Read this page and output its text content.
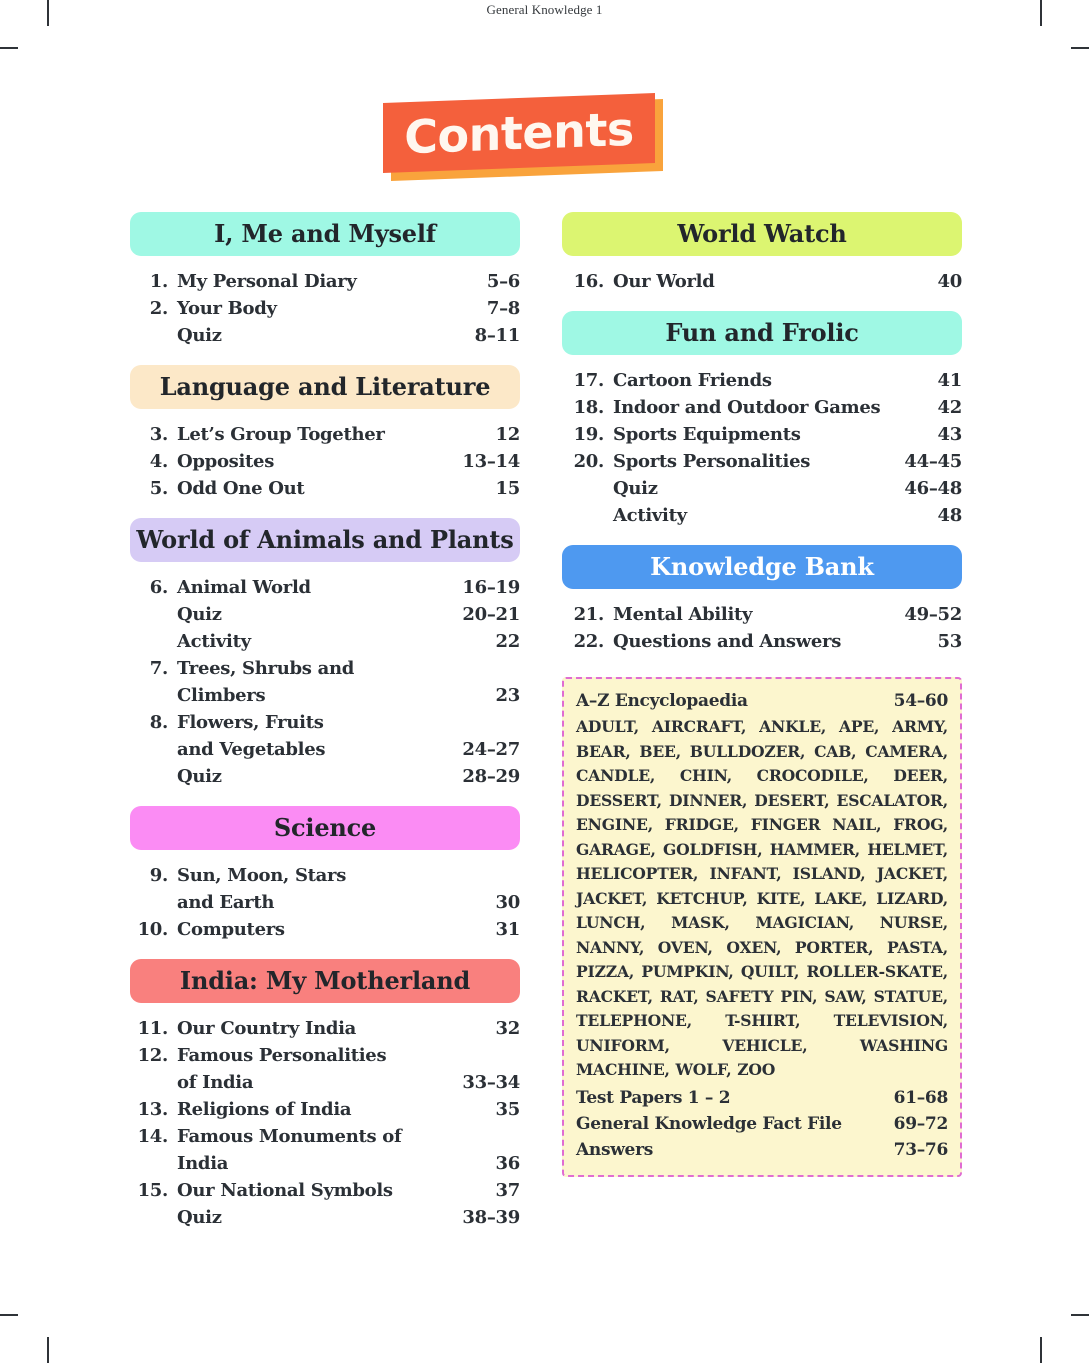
General Knowledge 1
Contents
I, Me and Myself
1. My Personal Diary	5–6
2. Your Body	7–8
Quiz	8–11
Language and Literature
3. Let’s Group Together	12
4. Opposites	13–14
5. Odd One Out	15
World of Animals and Plants
6. Animal World	16–19
Quiz	20–21
Activity	22
7. Trees, Shrubs and
Climbers	23
8. Flowers, Fruits
and Vegetables	24–27
Quiz	28–29
Science
9. Sun, Moon, Stars
and Earth	30
10. Computers	31
India: My Motherland
11. Our Country India	32
12. Famous Personalities
of India	33–34
13. Religions of India	35
14. Famous Monuments of
India	36
15. Our National Symbols	37
Quiz	38–39
World Watch
16. Our World	40
Fun and Frolic
17. Cartoon Friends	41
18. Indoor and Outdoor Games	42
19. Sports Equipments	43
20. Sports Personalities	44–45
Quiz	46–48
Activity	48
Knowledge Bank
21. Mental Ability	49–52
22. Questions and Answers	53
A–Z Encyclopaedia	54–60
ADULT, AIRCRAFT, ANKLE, APE, ARMY, BEAR, BEE, BULLDOZER, CAB, CAMERA, CANDLE, CHIN, CROCODILE, DEER, DESSERT, DINNER, DESERT, ESCALATOR, ENGINE, FRIDGE, FINGER NAIL, FROG, GARAGE, GOLDFISH, HAMMER, HELMET, HELICOPTER, INFANT, ISLAND, JACKET, JACKET, KETCHUP, KITE, LAKE, LIZARD, LUNCH, MASK, MAGICIAN, NURSE, NANNY, OVEN, OXEN, PORTER, PASTA, PIZZA, PUMPKIN, QUILT, ROLLER-SKATE, RACKET, RAT, SAFETY PIN, SAW, STATUE, TELEPHONE, T-SHIRT, TELEVISION, UNIFORM, VEHICLE, WASHING MACHINE, WOLF, ZOO
Test Papers 1 – 2	61–68
General Knowledge Fact File	69–72
Answers	73–76
